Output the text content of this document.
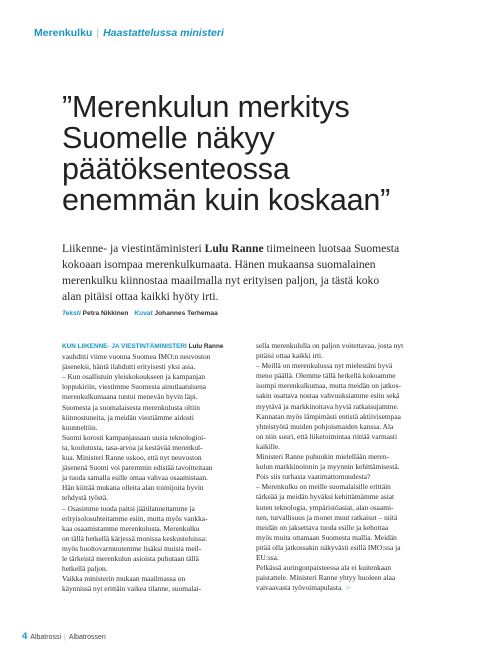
Merenkulku | Haastattelussa ministeri
”Merenkulun merkitys
Suomelle näkyy
päätöksenteossa
enemmän kuin koskaan”

Liikenne- ja viestintäministeri Lulu Ranne tiimeineen luotsaa Suomesta
kokoaan isompaa merenkulkumaata. Hänen mukaansa suomalainen
merenkulku kiinnostaa maailmalla nyt erityisen paljon, ja tästä koko
alan pitäisi ottaa kaikki hyöty irti.

Teksti Petra Nikkinen Kuvat Johannes Terhemaa
KUN LIIKENNE- JA VIESTINTÄMINISTERI Lulu Ranne
vauhditti viime vuonna Suomea IMO:n neuvoston
jäseneksi, häntä ilahdutti erityisesti yksi asia.
– Kun osallistuin yleiskokoukseen ja kampanjan
loppukiriin, viestimme Suomesta ainutlaatuisena
merenkulkumaana tuntui menevän hyvin läpi.
Suomesta ja suomalaisesta merenkulusta oltiin
kiinnostuneita, ja meidän viestiämme aidosti
kuunneltiin.
Suomi korosti kampanjassaan uusia teknologioi-
ta, koulutusta, tasa-arvoa ja kestävää merenkul-
kua. Ministeri Ranne uskoo, että nyt neuvoston
jäsenenä Suomi voi paremmin edistää tavoitteitaan
ja tuoda samalla esille omaa vahvaa osaamistaan.
Hän kiittää mukana olleita alan toimijoita hyvin
tehdystä työstä.
– Osasimme tuoda paitsi jäätilannettamme ja
erityisolosuhteitamme esiin, mutta myös vankka-
kaa osaamistamme merenkulusta. Merenkulku
on tällä hetkellä kärjessä monissa keskusteluissa:
myös huoltovarmuutemme lisäksi muista meil-
le tärkeistä merenkulun asioista puhutaan tällä
hetkellä paljon.
Vaikka ministerin mukaan maailmassa on
käynnissä nyt erittäin vaikea tilanne, suomalai-
sella merenkululla on paljon voitettavaa, josta nyt
pitäisi ottaa kaikki irti.
– Meillä on merenkulussa nyt mielestäni hyvä
meno päällä. Olemme tällä hetkellä kokoamme
isompi merenkulkumaa, mutta meidän on jatkos-
sakin osattava nostaa vahvuuksiamme esiin sekä
myytävä ja markkinoitava hyviä ratkaisujamme.
Kannatan myös lämpimästi entistä aktiivisempaa
yhteistyötä muiden pohjoismaiden kanssa. Ala
on niin suuri, että liiketoimintaa riittää varmasti
kaikille.
Ministeri Ranne puhuukin mielellään meren-
kulun markkinoinnin ja myynnin kehittämisestä.
Pois siis turhasta vaatimattomuudesta?
– Merenkulku on meille suomalaisille erittäin
tärkeää ja meidän hyväksi kehittämämme asiat
kuten teknologia, ympäristöasiat, alan osaami-
nen, turvallisuus ja monet muut ratkaisut – niitä
meidän on jaksettava tuoda esille ja kehottaa
myös muita ottamaan Suomesta mallia. Meidän
pitää olla jatkossakin näkyvästi esillä IMO:ssa ja
EU:ssa.
Pelkässä auringonpaisteessa ala ei kuitenkaan
paistattele. Ministeri Ranne yhtyy huoleen alaa
vaivaavasta työvoimapulasta. >
4 Albatrossi | Albatrossen
